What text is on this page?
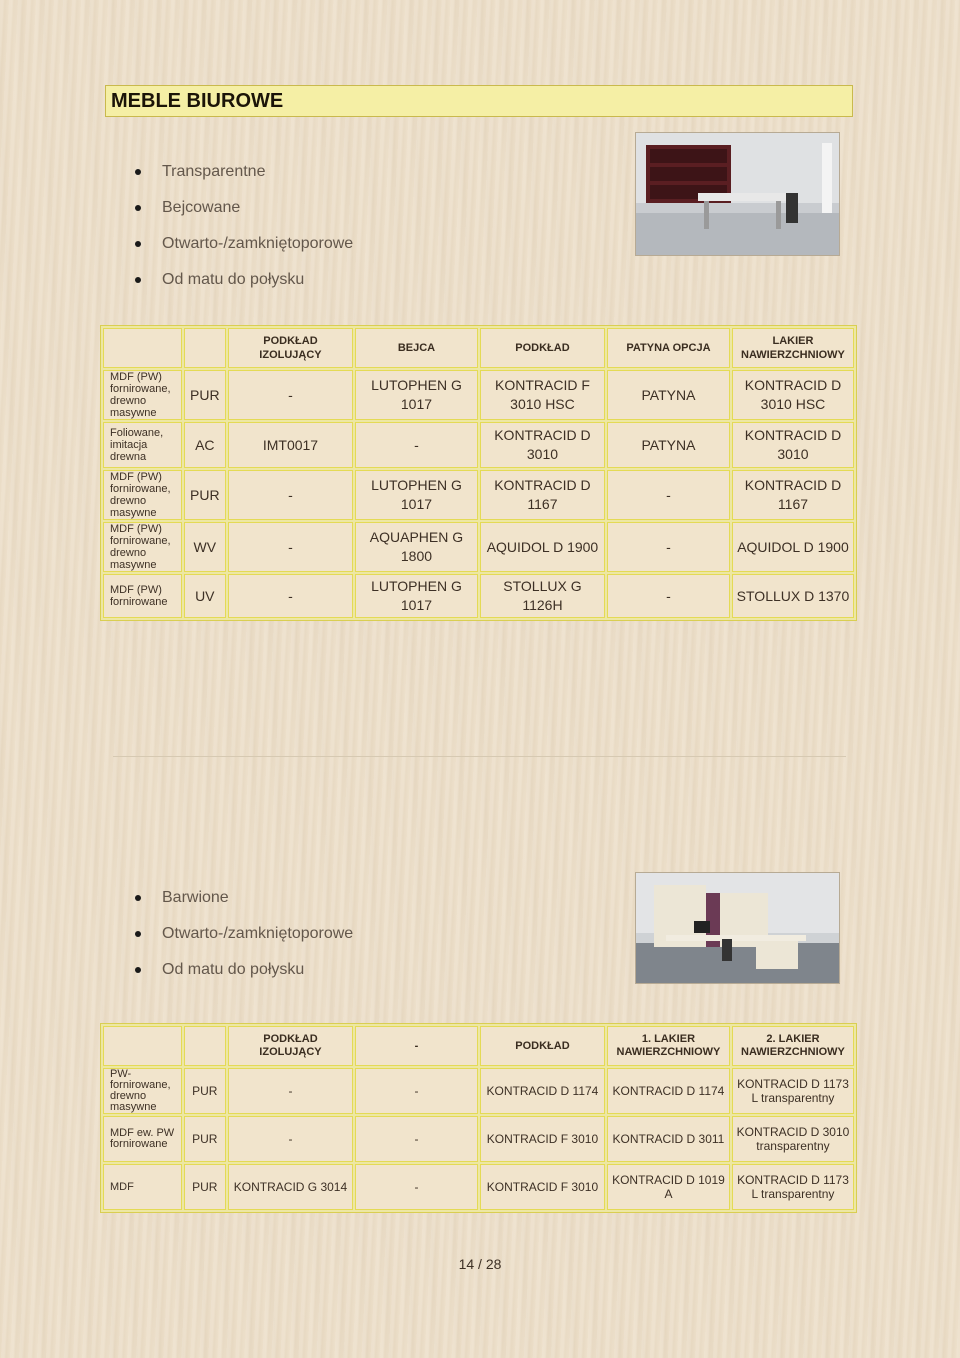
MEBLE BIUROWE
Transparentne
Bejcowane
Otwarto-/zamkniętoporowe
Od matu do połysku
		PODKŁAD IZOLUJĄCY	BEJCA	PODKŁAD	PATYNA OPCJA	LAKIER NAWIERZCHNIOWY
MDF (PW) fornirowane, drewno masywne	PUR	-	LUTOPHEN G 1017	KONTRACID F 3010 HSC	PATYNA	KONTRACID D 3010 HSC
Foliowane, imitacja drewna	AC	IMT0017	-	KONTRACID D 3010	PATYNA	KONTRACID D 3010
MDF (PW) fornirowane, drewno masywne	PUR	-	LUTOPHEN G 1017	KONTRACID D 1167	-	KONTRACID D 1167
MDF (PW) fornirowane, drewno masywne	WV	-	AQUAPHEN G 1800	AQUIDOL D 1900	-	AQUIDOL D 1900
MDF (PW) fornirowane	UV	-	LUTOPHEN G 1017	STOLLUX G 1126H	-	STOLLUX D 1370
Barwione
Otwarto-/zamkniętoporowe
Od matu do połysku
		PODKŁAD IZOLUJĄCY	-	PODKŁAD	1. LAKIER NAWIERZCHNIOWY	2. LAKIER NAWIERZCHNIOWY
PW- fornirowane, drewno masywne	PUR	-	-	KONTRACID D 1174	KONTRACID D 1174	KONTRACID D 1173 L transparentny
MDF ew. PW fornirowane	PUR	-	-	KONTRACID F 3010	KONTRACID D 3011	KONTRACID D 3010 transparentny
MDF	PUR	KONTRACID G 3014	-	KONTRACID F 3010	KONTRACID D 1019 A	KONTRACID D 1173 L transparentny
14 / 28
